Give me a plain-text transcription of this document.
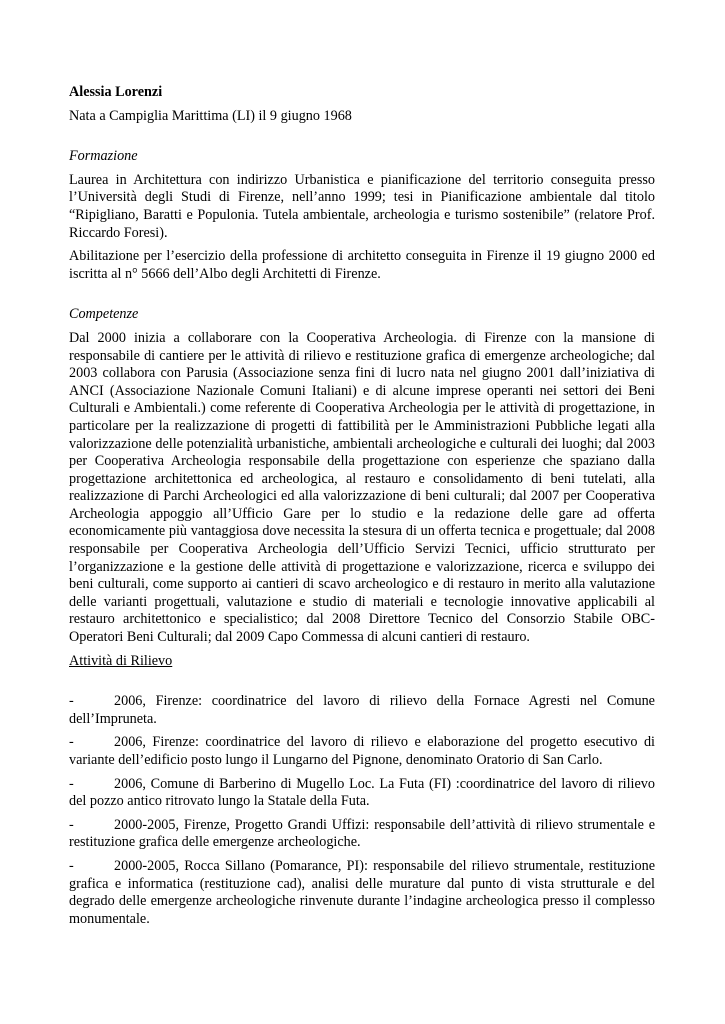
Alessia Lorenzi

Nata a Campiglia Marittima (LI) il 9 giugno 1968

Formazione

Laurea in Architettura con indirizzo Urbanistica e pianificazione del territorio conseguita presso l’Università degli Studi di Firenze, nell’anno 1999; tesi in Pianificazione ambientale dal titolo “Ripigliano, Baratti e Populonia. Tutela ambientale, archeologia e turismo sostenibile” (relatore Prof. Riccardo Foresi).

Abilitazione per l’esercizio della professione di architetto conseguita in Firenze il 19 giugno 2000 ed iscritta al n° 5666 dell’Albo degli Architetti di Firenze.

Competenze

Dal 2000 inizia a collaborare con la Cooperativa Archeologia. di Firenze con la mansione di responsabile di cantiere per le attività di rilievo e restituzione grafica di emergenze archeologiche; dal 2003 collabora con Parusia (Associazione senza fini di lucro nata nel giugno 2001 dall’iniziativa di ANCI (Associazione Nazionale Comuni Italiani) e di alcune imprese operanti nei settori dei Beni Culturali e Ambientali.) come referente di Cooperativa Archeologia per le attività di progettazione, in particolare per la realizzazione di progetti di fattibilità per le Amministrazioni Pubbliche legati alla valorizzazione delle potenzialità urbanistiche, ambientali archeologiche e culturali dei luoghi; dal 2003 per Cooperativa Archeologia responsabile della progettazione con esperienze che spaziano dalla progettazione architettonica ed archeologica, al restauro e consolidamento di beni tutelati, alla realizzazione di Parchi Archeologici ed alla valorizzazione di beni culturali; dal 2007 per Cooperativa Archeologia appoggio all’Ufficio Gare per lo studio e la redazione delle gare ad offerta economicamente più vantaggiosa dove necessita la stesura di un offerta tecnica e progettuale; dal 2008 responsabile per Cooperativa Archeologia dell’Ufficio Servizi Tecnici, ufficio strutturato per l’organizzazione e la gestione delle attività di progettazione e valorizzazione, ricerca e sviluppo dei beni culturali, come supporto ai cantieri di scavo archeologico e di restauro in merito alla valutazione delle varianti progettuali, valutazione e studio di materiali e tecnologie innovative applicabili al restauro architettonico e specialistico; dal 2008 Direttore Tecnico del Consorzio Stabile OBC- Operatori Beni Culturali; dal 2009 Capo Commessa di alcuni cantieri di restauro.

Attività di Rilievo

-	2006, Firenze: coordinatrice del lavoro di rilievo della Fornace Agresti nel Comune dell’Impruneta.

-	2006, Firenze: coordinatrice del lavoro di rilievo e elaborazione del progetto esecutivo di variante dell’edificio posto lungo il Lungarno del Pignone, denominato Oratorio di San Carlo.

-	2006, Comune di Barberino di Mugello Loc. La Futa (FI) :coordinatrice del lavoro di rilievo del pozzo antico ritrovato lungo la Statale della Futa.

-	2000-2005, Firenze, Progetto Grandi Uffizi: responsabile dell’attività di rilievo strumentale e restituzione grafica delle emergenze archeologiche.

-	2000-2005, Rocca Sillano (Pomarance, PI): responsabile del rilievo strumentale, restituzione grafica e informatica (restituzione cad), analisi delle murature dal punto di vista strutturale e del degrado delle emergenze archeologiche rinvenute durante l’indagine archeologica presso il complesso monumentale.
